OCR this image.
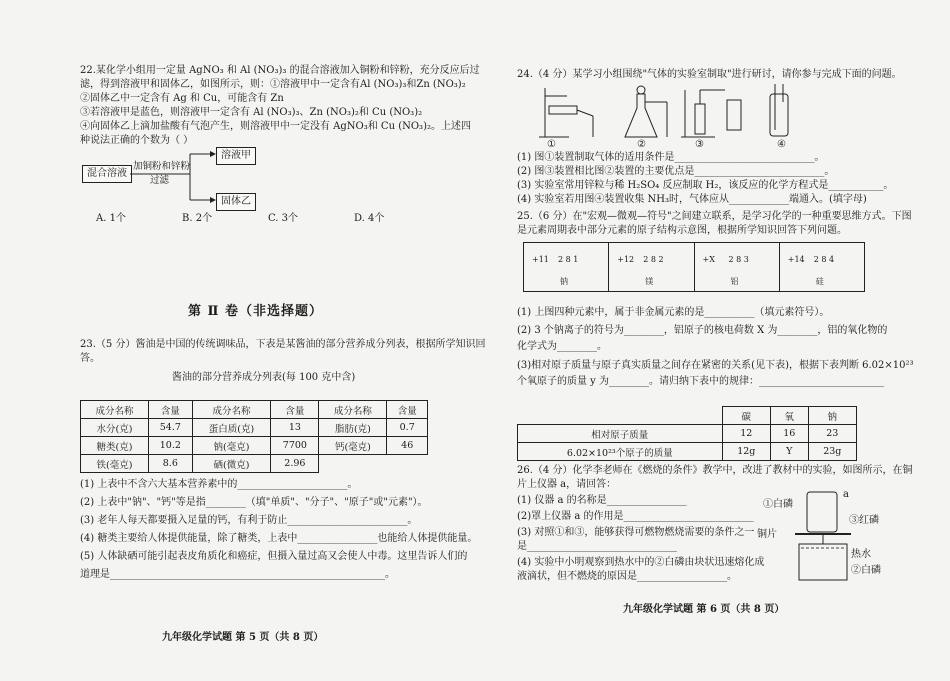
22.某化学小组用一定量 AgNO₃ 和 Al (NO₃)₃ 的混合溶液加入铜粉和锌粉，充分反应后过
滤，得到溶液甲和固体乙，如图所示，则：①溶液甲中一定含有Al (NO₃)₃和Zn (NO₃)₂
②固体乙中一定含有 Ag 和 Cu，可能含有 Zn
③若溶液甲是蓝色，则溶液甲一定含有 Al (NO₃)₃、Zn (NO₃)₂和 Cu (NO₃)₂
④向固体乙上滴加盐酸有气泡产生，则溶液甲中一定没有 AgNO₃和 Cu (NO₃)₂。上述四
种说法正确的个数为（ ）
混合溶液
加铜粉和锌粉
过滤
溶液甲
固体乙
A. 1个	B. 2个	C. 3个	D. 4个
第 Ⅱ 卷（非选择题）
23.（5 分）酱油是中国的传统调味品，下表是某酱油的部分营养成分列表，根据所学知识回
答。
酱油的部分营养成分列表(每 100 克中含)
成分名称	含量	成分名称	含量	成分名称	含量
水分(克)	54.7	蛋白质(克)	13	脂肪(克)	0.7
糖类(克)	10.2	钠(毫克)	7700	钙(毫克)	46
铁(毫克)	8.6	硒(微克)	2.96		
(1) 上表中不含六大基本营养素中的______________________。
(2) 上表中"钠"、"钙"等是指________（填"单质"、"分子"、"原子"或"元素"）。
(3) 老年人每天都要摄入足量的钙，有利于防止________________________。
(4) 糖类主要给人体提供能量，除了糖类，上表中________________也能给人体提供能量。
(5) 人体缺硒可能引起表皮角质化和癌症，但摄入量过高又会使人中毒。这里告诉人们的
道理是_______________________________________________________。
九年级化学试题 第 5 页（共 8 页）
24.（4 分）某学习小组围绕"气体的实验室制取"进行研讨，请你参与完成下面的问题。
①	②	③	④
(1) 图①装置制取气体的适用条件是____________________________。
(2) 图③装置相比图②装置的主要优点是__________________________。
(3) 实验室常用锌粒与稀 H₂SO₄ 反应制取 H₂，该反应的化学方程式是___________。
(4) 实验室若用图④装置收集 NH₃时，气体应从____________端通入。(填字母)
25.（6 分）在"宏观—微观—符号"之间建立联系，是学习化学的一种重要思维方式。下图
是元素周期表中部分元素的原子结构示意图，根据所学知识回答下列问题。
+11 2 8 1
钠
+12 2 8 2
镁
+X 2 8 3
铝
+14 2 8 4
硅
(1) 上图四种元素中，属于非金属元素的是__________（填元素符号）。
(2) 3 个钠离子的符号为________，铝原子的核电荷数 X 为________，铝的氧化物的
化学式为________。
(3)相对原子质量与原子真实质量之间存在紧密的关系(见下表)，根据下表判断 6.02×10²³
个氧原子的质量 y 为________。请归纳下表中的规律：_________________________
	碳	氧	钠
相对原子质量	12	16	23
6.02×10²³个原子的质量	12g	Y	23g
26.（4 分）化学李老师在《燃烧的条件》教学中，改进了教材中的实验，如图所示，在铜
片上仪器 a，请回答：
(1) 仪器 a 的名称是________________
(2)罩上仪器 a 的作用是__________________________
(3) 对照①和③，能够获得可燃物燃烧需要的条件之一
是______________________________
(4) 实验中小明观察到热水中的②白磷由块状迅速熔化成
液滴状，但不燃烧的原因是__________________。
a
①白磷
③红磷
铜片
热水
②白磷
九年级化学试题 第 6 页（共 8 页）
